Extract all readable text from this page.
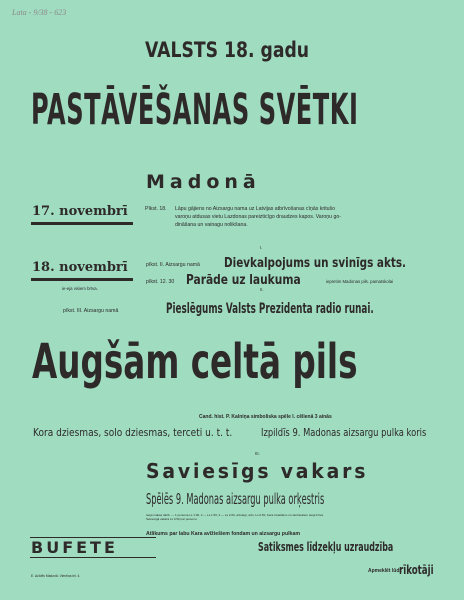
Lata - 9/38 - 623
VALSTS 18. gadu
PASTĀVĒŠANAS SVĒTKI
Madonā
17. novembrī	Pīkst. 18. Lāpu gājiens no Aizsargu nama uz Latvijas atbrīvošanas cīņās kritušo
varoņu atdusas vietu Lazdonas pareizticīgo draudzes kapos. Varoņu go-
dināšana un vainagu nolikšana.
I.
18. novembrī
ie-eja visiem brīva.
pīkst. II. Aizsargu namā Dievkalpojums un svinīgs akts.
pīkst. 12. 30 Parāde uz laukuma	iepretim Madonas pils. pamatskolai
II.
pīkst. III. Aizsargu namā	Pieslēgums Valsts Prezidenta radio runai.
Augšām celtā pils
Cand. hist. P. Kalniņa simboliska spēle I. cēlienā 3 ainās
Kora dziesmas, solo dziesmas, terceti u. t. t.	Izpildīs 9. Madonas aizsargu pulka koris
III.
Saviesīgs vakars
Spēlēs 9. Madonas aizsargu pulka orķestris
Ieeja maksa dalīb. — 1 persona Ls 1.00, 2 — Ls 1.50, 3 — Ls 2.00, aizsargi, aizs. Ls 0.50, Kara invalidiem un skolniekiem Ieeja brīva.
Saviesīgā vakarā Ls 0.50 par personu.
BUFETE
Atlikums par labu Kara avīžiešiem fondam un aizsargu pulkam
Satiksmes līdzekļu uzraudzība
Apmeklēt lūdz
rīkotāji
E. Azīdēs Madonā. Vientiņa iel. 4.
